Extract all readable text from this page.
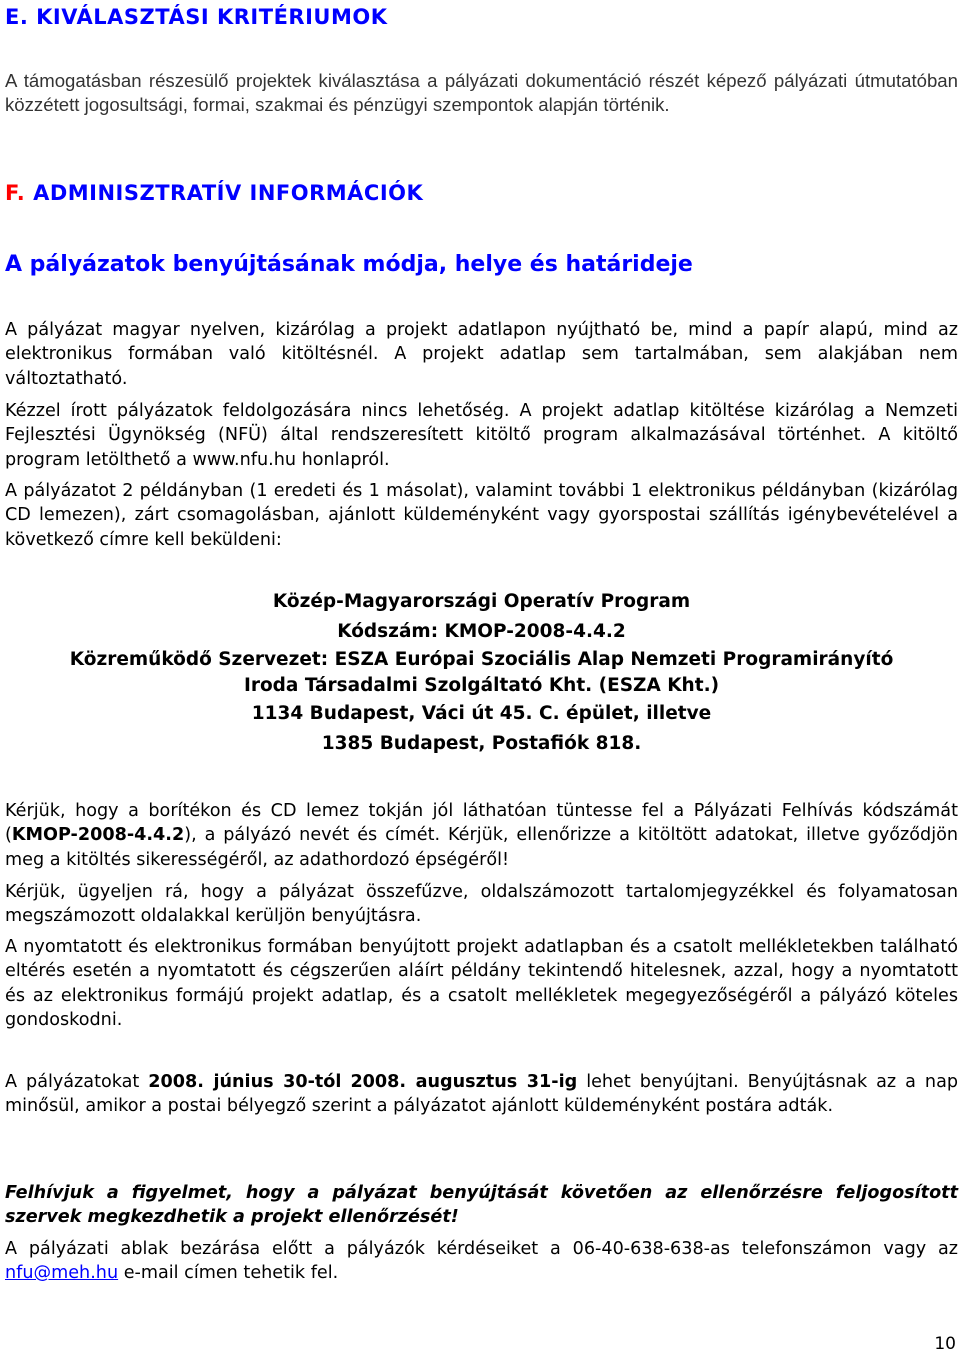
E. KIVÁLASZTÁSI KRITÉRIUMOK

A támogatásban részesülő projektek kiválasztása a pályázati dokumentáció részét képező pályázati útmutatóban közzétett jogosultsági, formai, szakmai és pénzügyi szempontok alapján történik.

F. ADMINISZTRATÍV INFORMÁCIÓK
A pályázatok benyújtásának módja, helye és határideje

A pályázat magyar nyelven, kizárólag a projekt adatlapon nyújtható be, mind a papír alapú, mind az elektronikus formában való kitöltésnél. A projekt adatlap sem tartalmában, sem alakjában nem változtatható.

Kézzel írott pályázatok feldolgozására nincs lehetőség. A projekt adatlap kitöltése kizárólag a Nemzeti Fejlesztési Ügynökség (NFÜ) által rendszeresített kitöltő program alkalmazásával történhet. A kitöltő program letölthető a www.nfu.hu honlapról.

A pályázatot 2 példányban (1 eredeti és 1 másolat), valamint további 1 elektronikus példányban (kizárólag CD lemezen), zárt csomagolásban, ajánlott küldeményként vagy gyorspostai szállítás igénybevételével a következő címre kell beküldeni:

Közép-Magyarországi Operatív Program
Kódszám: KMOP-2008-4.4.2
Közreműködő Szervezet: ESZA Európai Szociális Alap Nemzeti Programirányító
Iroda Társadalmi Szolgáltató Kht. (ESZA Kht.)
1134 Budapest, Váci út 45. C. épület, illetve
1385 Budapest, Postafiók 818.

Kérjük, hogy a borítékon és CD lemez tokján jól láthatóan tüntesse fel a Pályázati Felhívás kódszámát (KMOP-2008-4.4.2), a pályázó nevét és címét. Kérjük, ellenőrizze a kitöltött adatokat, illetve győződjön meg a kitöltés sikerességéről, az adathordozó épségéről!

Kérjük, ügyeljen rá, hogy a pályázat összefűzve, oldalszámozott tartalomjegyzékkel és folyamatosan megszámozott oldalakkal kerüljön benyújtásra.

A nyomtatott és elektronikus formában benyújtott projekt adatlapban és a csatolt mellékletekben található eltérés esetén a nyomtatott és cégszerűen aláírt példány tekintendő hitelesnek, azzal, hogy a nyomtatott és az elektronikus formájú projekt adatlap, és a csatolt mellékletek megegyezőségéről a pályázó köteles gondoskodni.

A pályázatokat 2008. június 30-tól 2008. augusztus 31-ig lehet benyújtani. Benyújtásnak az a nap minősül, amikor a postai bélyegző szerint a pályázatot ajánlott küldeményként postára adták.

Felhívjuk a figyelmet, hogy a pályázat benyújtását követően az ellenőrzésre feljogosított szervek megkezdhetik a projekt ellenőrzését!

A pályázati ablak bezárása előtt a pályázók kérdéseiket a 06-40-638-638-as telefonszámon vagy az nfu@meh.hu e-mail címen tehetik fel.

10
